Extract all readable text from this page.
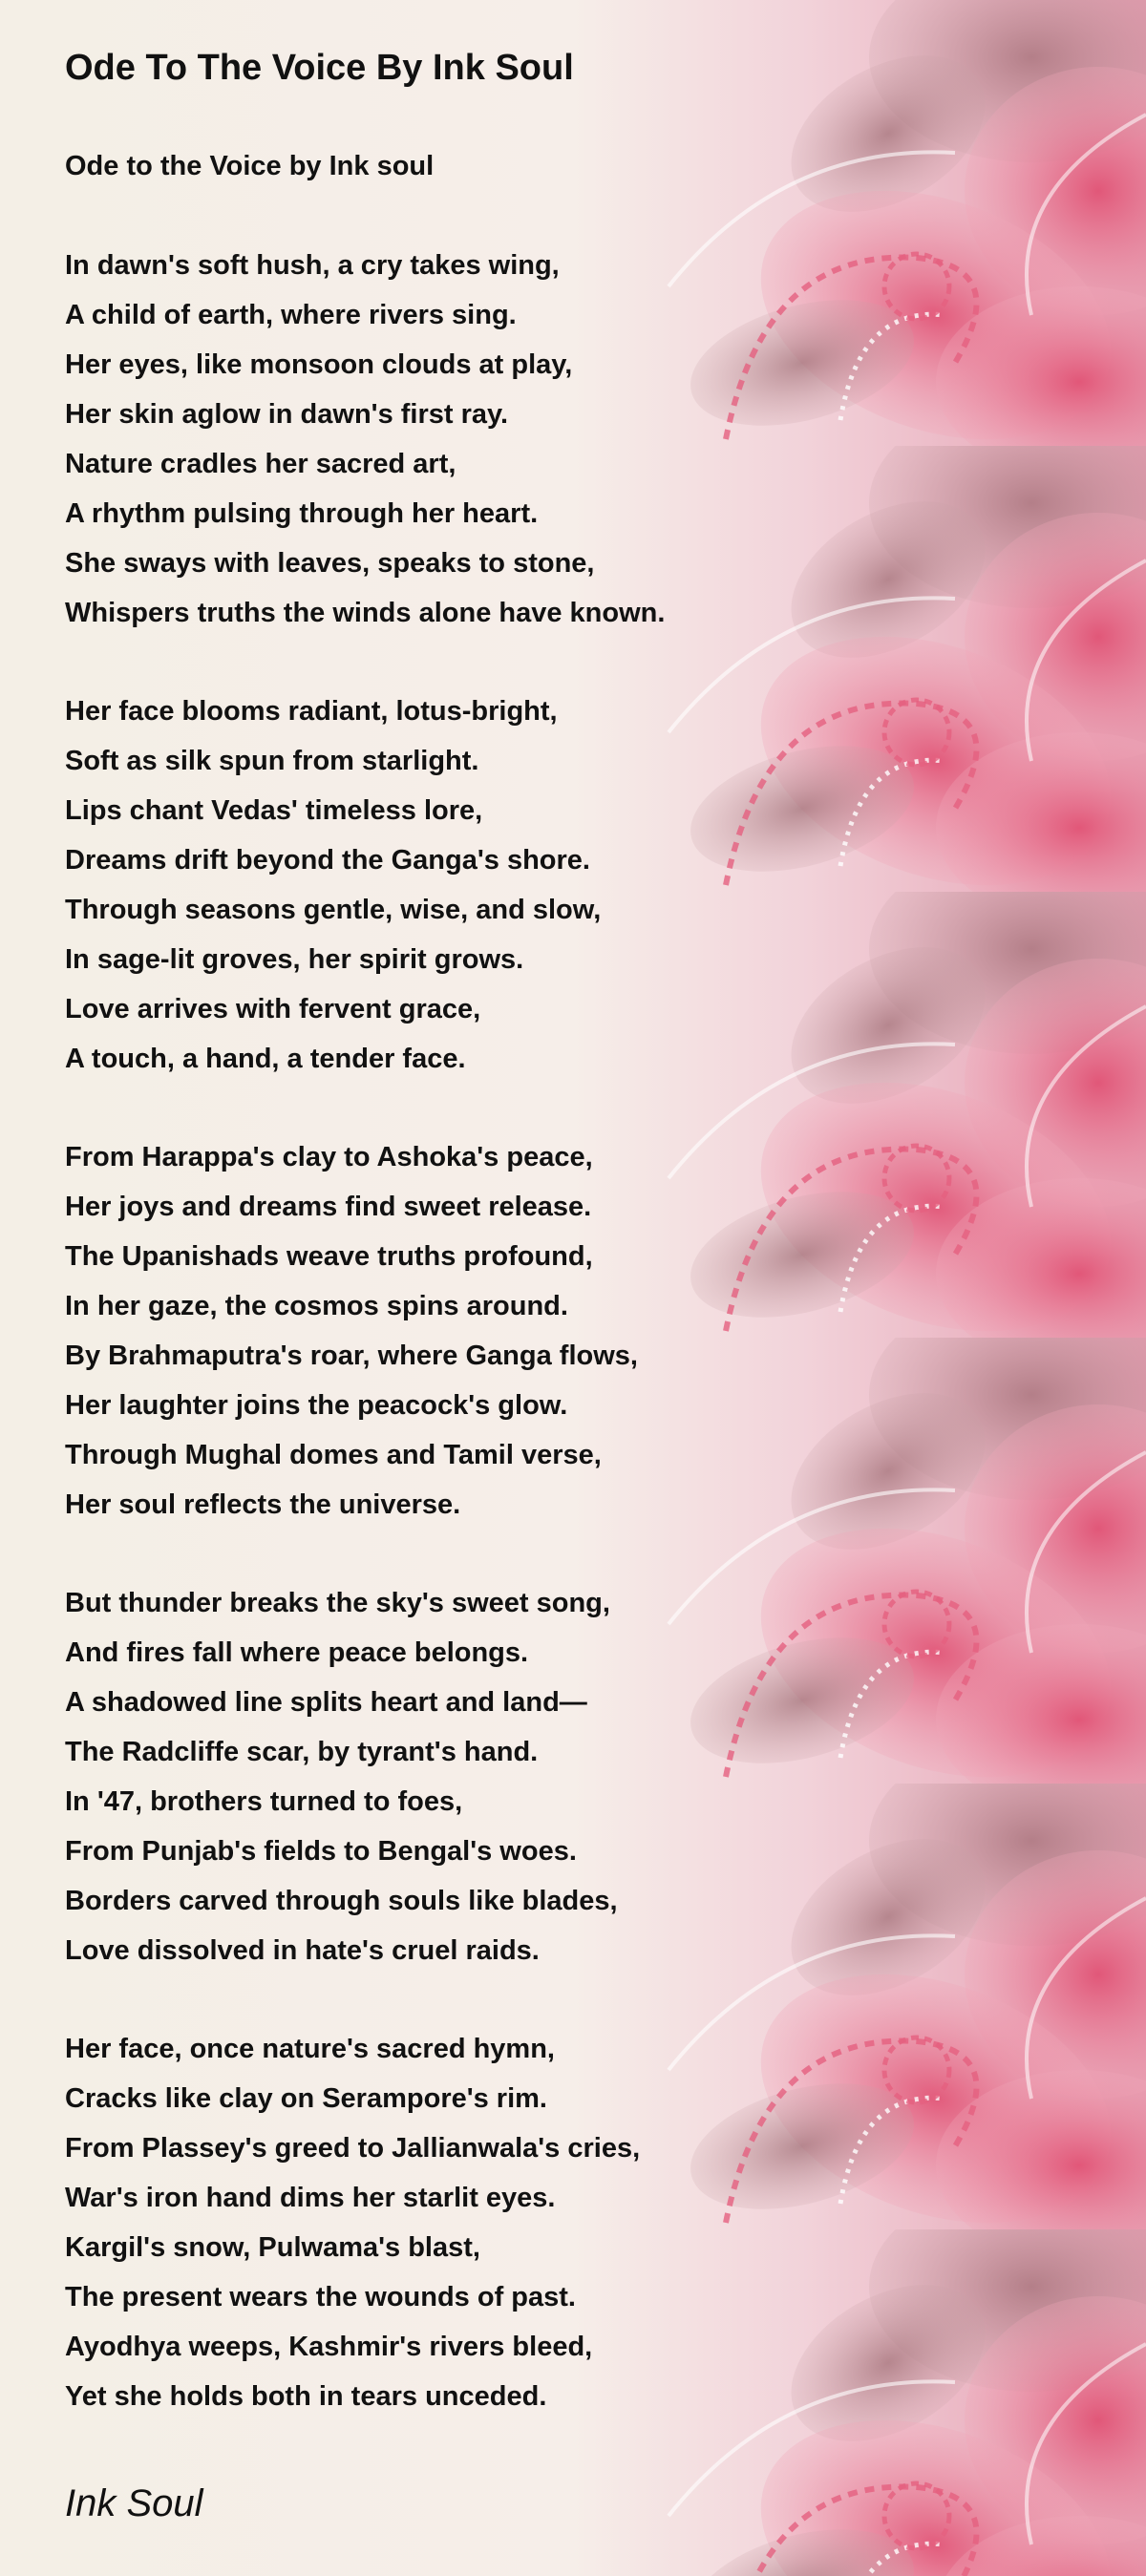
Ode To The Voice By Ink Soul
Ode to the Voice by Ink soul
In dawn's soft hush, a cry takes wing,
A child of earth, where rivers sing.
Her eyes, like monsoon clouds at play,
Her skin aglow in dawn's first ray.
Nature cradles her sacred art,
A rhythm pulsing through her heart.
She sways with leaves, speaks to stone,
Whispers truths the winds alone have known.
Her face blooms radiant, lotus-bright,
Soft as silk spun from starlight.
Lips chant Vedas' timeless lore,
Dreams drift beyond the Ganga's shore.
Through seasons gentle, wise, and slow,
In sage-lit groves, her spirit grows.
Love arrives with fervent grace,
A touch, a hand, a tender face.
From Harappa's clay to Ashoka's peace,
Her joys and dreams find sweet release.
The Upanishads weave truths profound,
In her gaze, the cosmos spins around.
By Brahmaputra's roar, where Ganga flows,
Her laughter joins the peacock's glow.
Through Mughal domes and Tamil verse,
Her soul reflects the universe.
But thunder breaks the sky's sweet song,
And fires fall where peace belongs.
A shadowed line splits heart and land—
The Radcliffe scar, by tyrant's hand.
In '47, brothers turned to foes,
From Punjab's fields to Bengal's woes.
Borders carved through souls like blades,
Love dissolved in hate's cruel raids.
Her face, once nature's sacred hymn,
Cracks like clay on Serampore's rim.
From Plassey's greed to Jallianwala's cries,
War's iron hand dims her starlit eyes.
Kargil's snow, Pulwama's blast,
The present wears the wounds of past.
Ayodhya weeps, Kashmir's rivers bleed,
Yet she holds both in tears unceded.
Ink Soul
